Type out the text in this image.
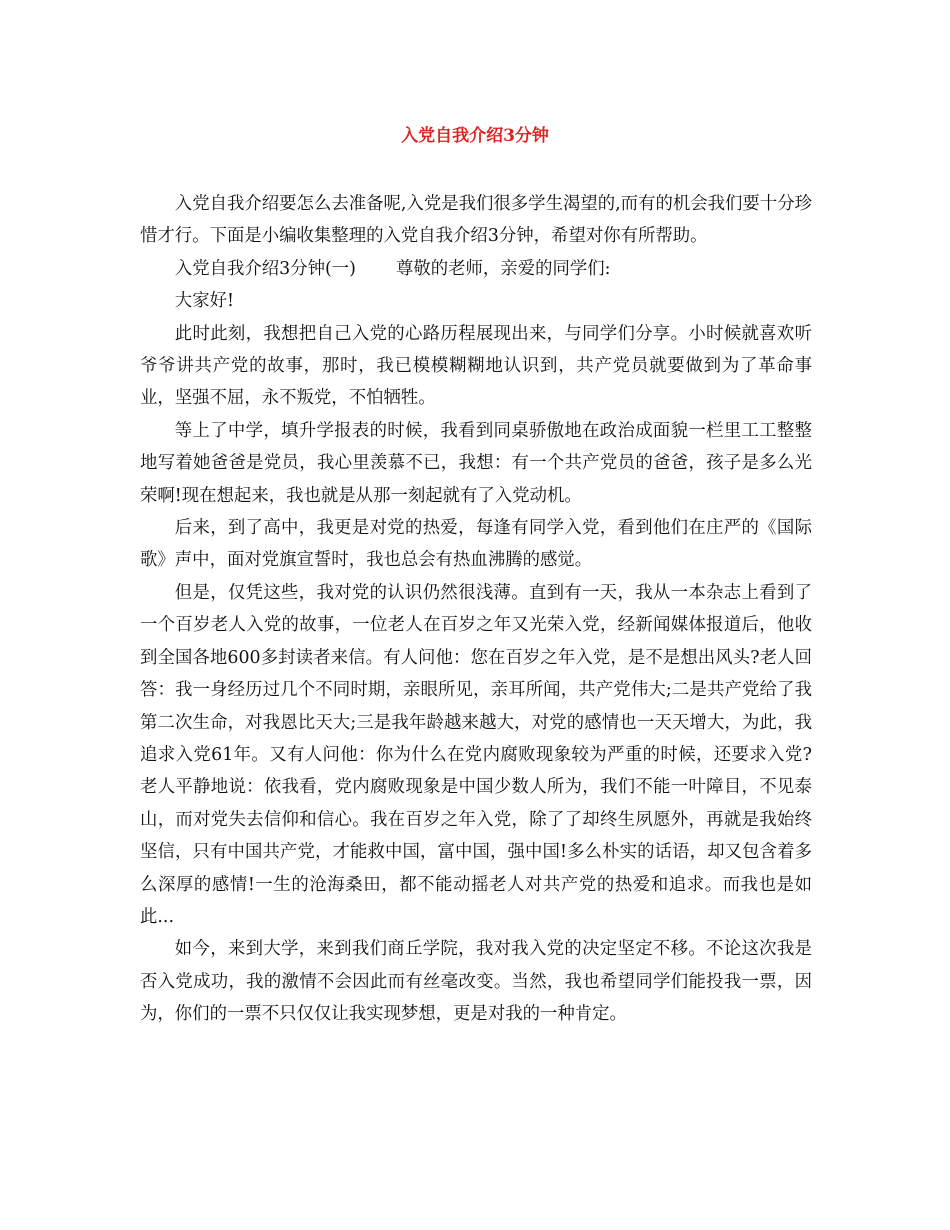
入党自我介绍3分钟

入党自我介绍要怎么去准备呢,入党是我们很多学生渴望的,而有的机会我们要十分珍惜才行。下面是小编收集整理的入党自我介绍3分钟，希望对你有所帮助。

入党自我介绍3分钟(一) 尊敬的老师，亲爱的同学们:

大家好!

此时此刻，我想把自己入党的心路历程展现出来，与同学们分享。小时候就喜欢听爷爷讲共产党的故事，那时，我已模模糊糊地认识到，共产党员就要做到为了革命事业，坚强不屈，永不叛党，不怕牺牲。

等上了中学，填升学报表的时候，我看到同桌骄傲地在政治成面貌一栏里工工整整地写着她爸爸是党员，我心里羡慕不已，我想：有一个共产党员的爸爸，孩子是多么光荣啊!现在想起来，我也就是从那一刻起就有了入党动机。

后来，到了高中，我更是对党的热爱，每逢有同学入党，看到他们在庄严的《国际歌》声中，面对党旗宣誓时，我也总会有热血沸腾的感觉。

但是，仅凭这些，我对党的认识仍然很浅薄。直到有一天，我从一本杂志上看到了一个百岁老人入党的故事，一位老人在百岁之年又光荣入党，经新闻媒体报道后，他收到全国各地600多封读者来信。有人问他：您在百岁之年入党，是不是想出风头?老人回答：我一身经历过几个不同时期，亲眼所见，亲耳所闻，共产党伟大;二是共产党给了我第二次生命，对我恩比天大;三是我年龄越来越大，对党的感情也一天天增大，为此，我追求入党61年。又有人问他：你为什么在党内腐败现象较为严重的时候，还要求入党?老人平静地说：依我看，党内腐败现象是中国少数人所为，我们不能一叶障目，不见泰山，而对党失去信仰和信心。我在百岁之年入党，除了了却终生夙愿外，再就是我始终坚信，只有中国共产党，才能救中国，富中国，强中国!多么朴实的话语，却又包含着多么深厚的感情!一生的沧海桑田，都不能动摇老人对共产党的热爱和追求。而我也是如此...

如今，来到大学，来到我们商丘学院，我对我入党的决定坚定不移。不论这次我是否入党成功，我的激情不会因此而有丝毫改变。当然，我也希望同学们能投我一票，因为，你们的一票不只仅仅让我实现梦想，更是对我的一种肯定。
